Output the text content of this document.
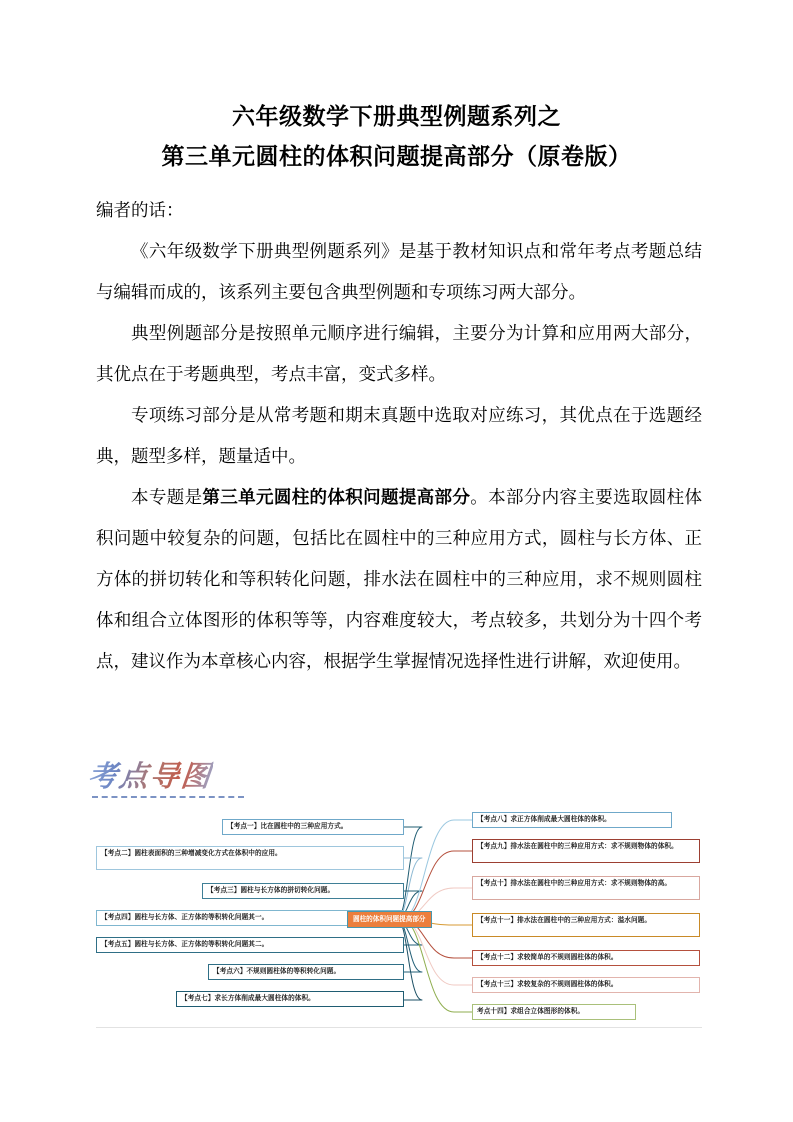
六年级数学下册典型例题系列之
第三单元圆柱的体积问题提高部分（原卷版）

编者的话：

《六年级数学下册典型例题系列》是基于教材知识点和常年考点考题总结与编辑而成的，该系列主要包含典型例题和专项练习两大部分。

典型例题部分是按照单元顺序进行编辑，主要分为计算和应用两大部分，其优点在于考题典型，考点丰富，变式多样。

专项练习部分是从常考题和期末真题中选取对应练习，其优点在于选题经典，题型多样，题量适中。

本专题是第三单元圆柱的体积问题提高部分。本部分内容主要选取圆柱体积问题中较复杂的问题，包括比在圆柱中的三种应用方式，圆柱与长方体、正方体的拼切转化和等积转化问题，排水法在圆柱中的三种应用，求不规则圆柱体和组合立体图形的体积等等，内容难度较大，考点较多，共划分为十四个考点，建议作为本章核心内容，根据学生掌握情况选择性进行讲解，欢迎使用。

考点导图
圆柱的体积问题提高部分
【考点一】比在圆柱中的三种应用方式。
【考点二】圆柱表面积的三种增减变化方式在体积中的应用。
【考点三】圆柱与长方体的拼切转化问题。
【考点四】圆柱与长方体、正方体的等积转化问题其一。
【考点五】圆柱与长方体、正方体的等积转化问题其二。
【考点六】不规则圆柱体的等积转化问题。
【考点七】求长方体削成最大圆柱体的体积。
【考点八】求正方体削成最大圆柱体的体积。
【考点九】排水法在圆柱中的三种应用方式：求不规则物体的体积。
【考点十】排水法在圆柱中的三种应用方式：求不规则物体的高。
【考点十一】排水法在圆柱中的三种应用方式：溢水问题。
【考点十二】求较简单的不规则圆柱体的体积。
【考点十三】求较复杂的不规则圆柱体的体积。
考点十四】求组合立体图形的体积。
